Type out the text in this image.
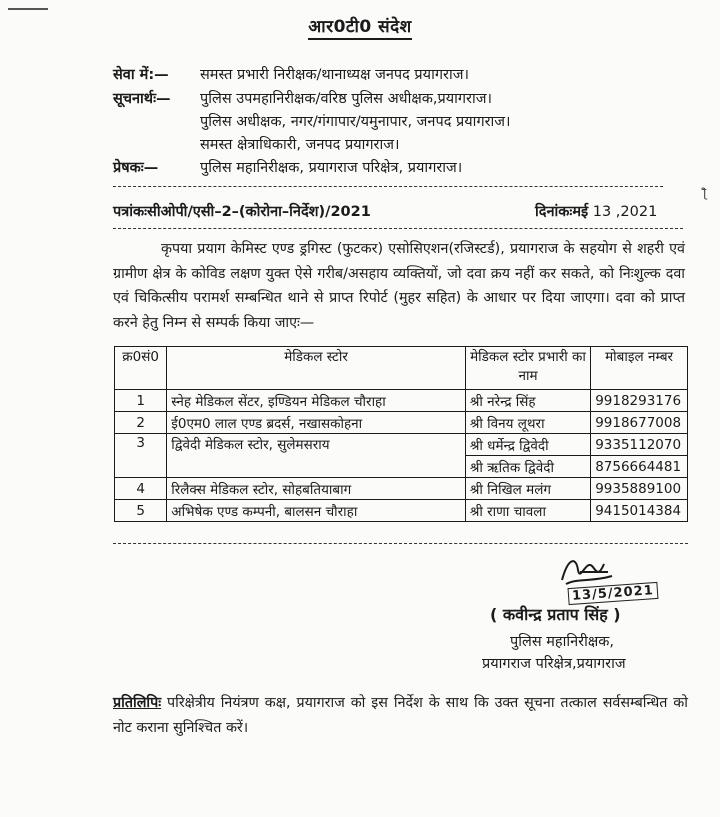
आर0टी0 संदेश
सेवा में:— समस्त प्रभारी निरीक्षक/थानाध्यक्ष जनपद प्रयागराज।
सूचनार्थः— पुलिस उपमहानिरीक्षक/वरिष्ठ पुलिस अधीक्षक,प्रयागराज।
पुलिस अधीक्षक, नगर/गंगापार/यमुनापार, जनपद प्रयागराज।
समस्त क्षेत्राधिकारी, जनपद प्रयागराज।
प्रेषकः—	पुलिस महानिरीक्षक, प्रयागराज परिक्षेत्र, प्रयागराज।
ƪ
पत्रांकःसीओपी/एसी–2–(कोरोना–निर्देश)/2021	दिनांकःमई 13 ,2021
कृपया प्रयाग केमिस्ट एण्ड ड्रगिस्ट (फुटकर) एसोसिएशन(रजिस्टर्ड), प्रयागराज के सहयोग से शहरी एवं ग्रामीण क्षेत्र के कोविड लक्षण युक्त ऐसे गरीब/असहाय व्यक्तियों, जो दवा क्रय नहीं कर सकते, को निःशुल्क दवा एवं चिकित्सीय परामर्श सम्बन्धित थाने से प्राप्त रिपोर्ट (मुहर सहित) के आधार पर दिया जाएगा। दवा को प्राप्त करने हेतु निम्न से सम्पर्क किया जाएः—
क्र0सं0	मेडिकल स्टोर	मेडिकल स्टोर प्रभारी का नाम	मोबाइल नम्बर
1	स्नेह मेडिकल सेंटर, इण्डियन मेडिकल चौराहा	श्री नरेन्द्र सिंह	9918293176
2	ई0एम0 लाल एण्ड ब्रदर्स, नखासकोहना	श्री विनय लूथरा	9918677008
3	द्विवेदी मेडिकल स्टोर, सुलेमसराय	श्री धर्मेन्द्र द्विवेदी	9335112070
		श्री ऋतिक द्विवेदी	8756664481
4	रिलैक्स मेडिकल स्टोर, सोहबतियाबाग	श्री निखिल मलंग	9935889100
5	अभिषेक एण्ड कम्पनी, बालसन चौराहा	श्री राणा चावला	9415014384
13/5/2021
( कवीन्द्र प्रताप सिंह )
पुलिस महानिरीक्षक,
प्रयागराज परिक्षेत्र,प्रयागराज
प्रतिलिपिः परिक्षेत्रीय नियंत्रण कक्ष, प्रयागराज को इस निर्देश के साथ कि उक्त सूचना तत्काल सर्वसम्बन्धित को नोट कराना सुनिश्चित करें।
